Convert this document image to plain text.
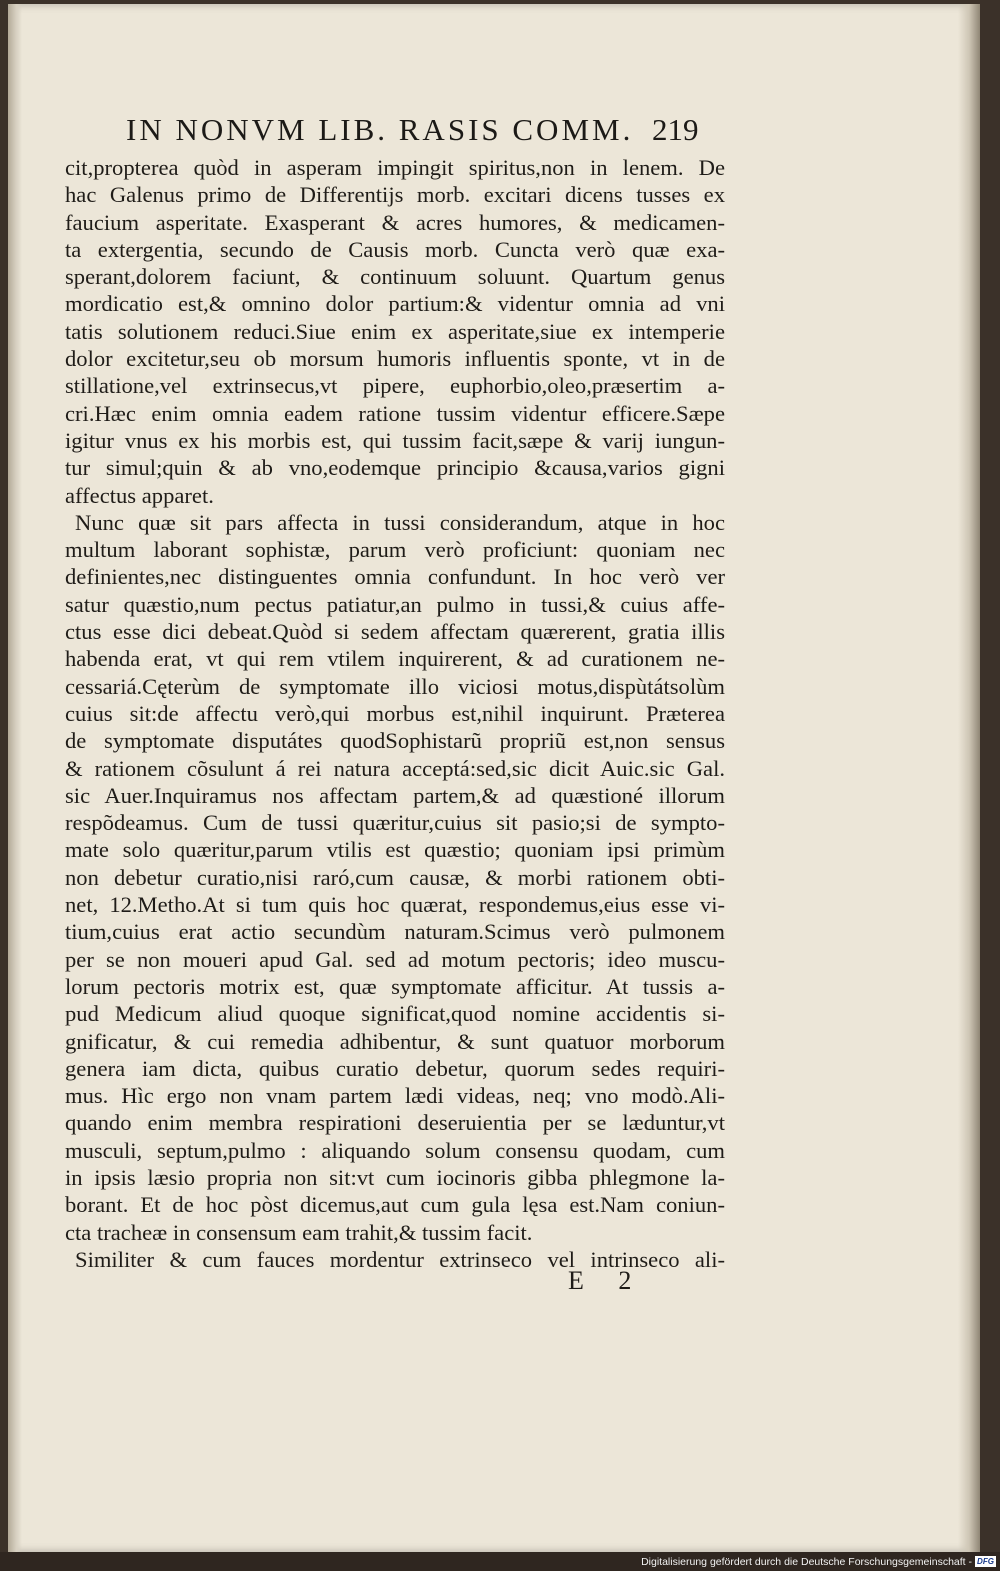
IN NONVM LIB. RASIS COMM. 219
cit,propterea quòd in asperam impingit spiritus,non in lenem. De
hac Galenus primo de Differentijs morb. excitari dicens tusses ex
faucium asperitate. Exasperant & acres humores, & medicamen-
ta extergentia, secundo de Causis morb. Cuncta verò quæ exa-
sperant,dolorem faciunt, & continuum soluunt. Quartum genus
mordicatio est,& omnino dolor partium:& videntur omnia ad vni
tatis solutionem reduci.Siue enim ex asperitate,siue ex intemperie
dolor excitetur,seu ob morsum humoris influentis sponte, vt in de
stillatione,vel extrinsecus,vt pipere, euphorbio,oleo,præsertim a-
cri.Hæc enim omnia eadem ratione tussim videntur efficere.Sæpe
igitur vnus ex his morbis est, qui tussim facit,sæpe & varij iungun-
tur simul;quin & ab vno,eodemque principio &causa,varios gigni
affectus apparet.
Nunc quæ sit pars affecta in tussi considerandum, atque in hoc
multum laborant sophistæ, parum verò proficiunt: quoniam nec
definientes,nec distinguentes omnia confundunt. In hoc verò ver
satur quæstio,num pectus patiatur,an pulmo in tussi,& cuius affe-
ctus esse dici debeat.Quòd si sedem affectam quærerent, gratia illis
habenda erat, vt qui rem vtilem inquirerent, & ad curationem ne-
cessariá.Cęterùm de symptomate illo viciosi motus,dispùtátsolùm
cuius sit:de affectu verò,qui morbus est,nihil inquirunt. Præterea
de symptomate disputátes quodSophistarũ propriũ est,non sensus
& rationem cõsulunt á rei natura acceptá:sed,sic dicit Auic.sic Gal.
sic Auer.Inquiramus nos affectam partem,& ad quæstioné illorum
respõdeamus. Cum de tussi quæritur,cuius sit pasio;si de sympto-
mate solo quæritur,parum vtilis est quæstio; quoniam ipsi primùm
non debetur curatio,nisi raró,cum causæ, & morbi rationem obti-
net, 12.Metho.At si tum quis hoc quærat, respondemus,eius esse vi-
tium,cuius erat actio secundùm naturam.Scimus verò pulmonem
per se non moueri apud Gal. sed ad motum pectoris; ideo muscu-
lorum pectoris motrix est, quæ symptomate afficitur. At tussis a-
pud Medicum aliud quoque significat,quod nomine accidentis si-
gnificatur, & cui remedia adhibentur, & sunt quatuor morborum
genera iam dicta, quibus curatio debetur, quorum sedes requiri-
mus. Hìc ergo non vnam partem lædi videas, neq; vno modò.Ali-
quando enim membra respirationi deseruientia per se læduntur,vt
musculi, septum,pulmo : aliquando solum consensu quodam, cum
in ipsis læsio propria non sit:vt cum iocinoris gibba phlegmone la-
borant. Et de hoc pòst dicemus,aut cum gula lęsa est.Nam coniun-
cta tracheæ in consensum eam trahit,& tussim facit.
Similiter & cum fauces mordentur extrinseco vel intrinseco ali-
E 2
Digitalisierung gefördert durch die Deutsche Forschungsgemeinschaft - DFG
